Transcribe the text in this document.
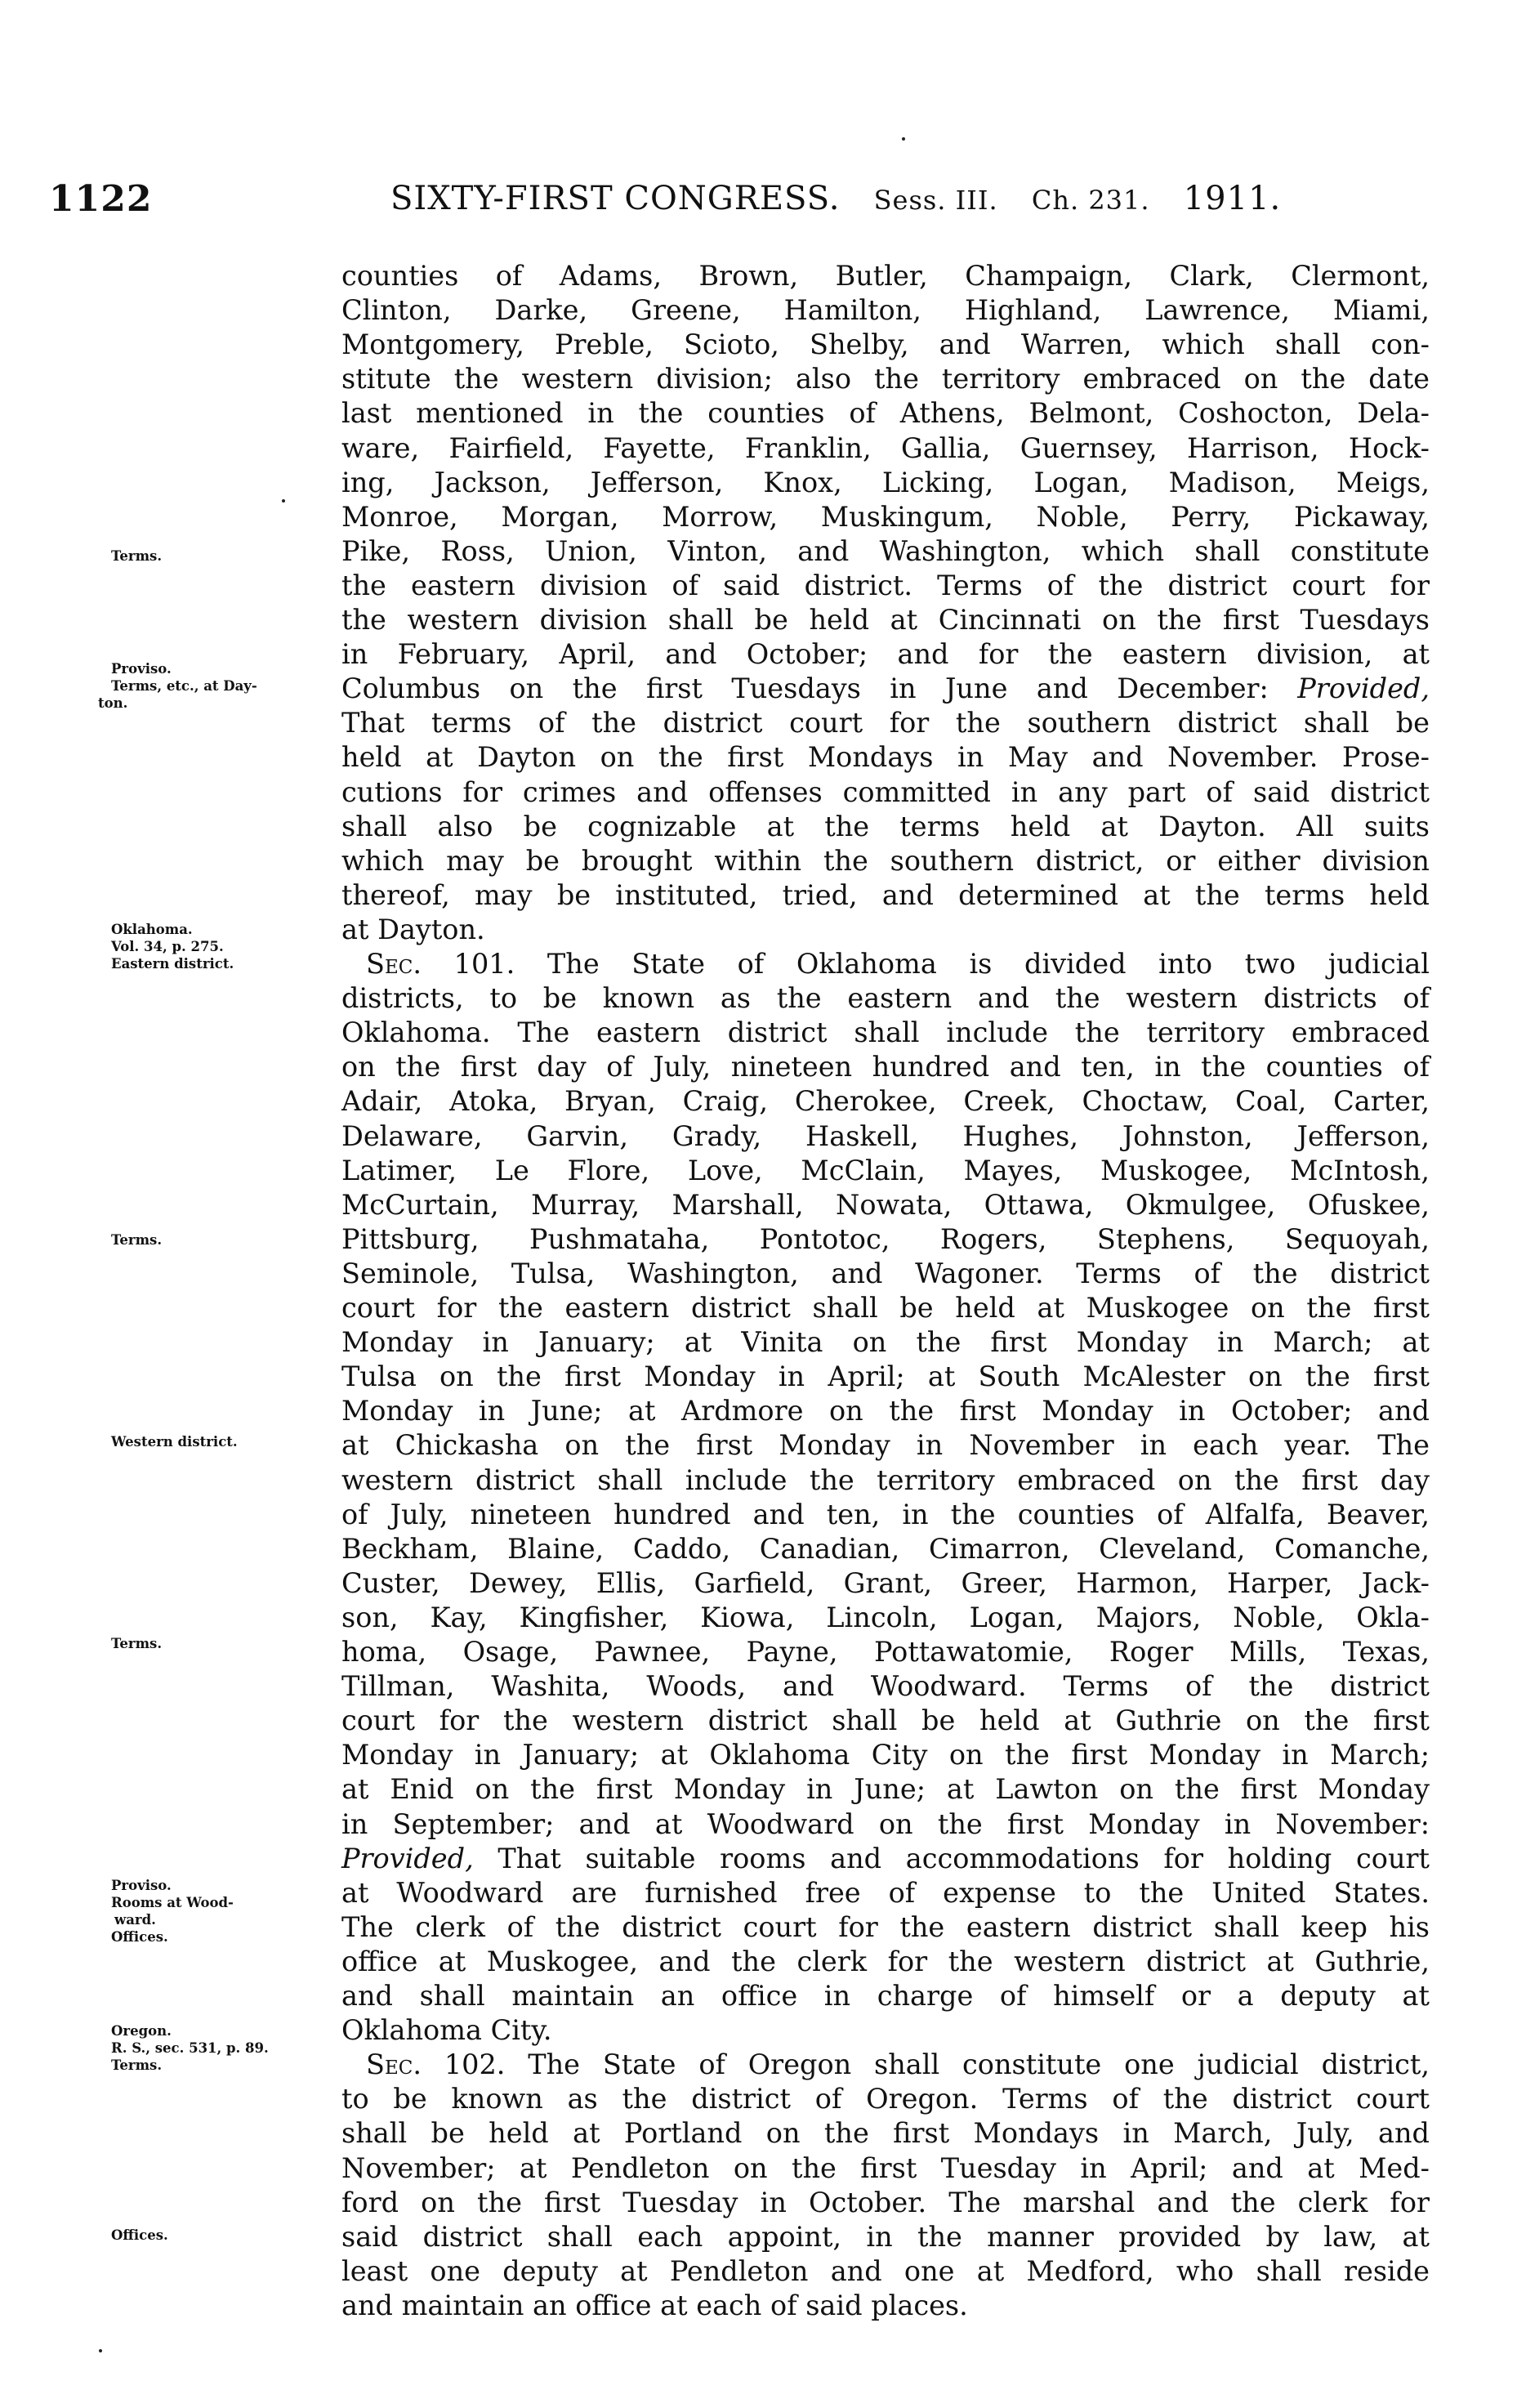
1122	SIXTY-FIRST CONGRESS. Sess. III. Ch. 231. 1911.
counties of Adams, Brown, Butler, Champaign, Clark, Clermont,
Clinton, Darke, Greene, Hamilton, Highland, Lawrence, Miami,
Montgomery, Preble, Scioto, Shelby, and Warren, which shall con-
stitute the western division; also the territory embraced on the date
last mentioned in the counties of Athens, Belmont, Coshocton, Dela-
ware, Fairfield, Fayette, Franklin, Gallia, Guernsey, Harrison, Hock-
ing, Jackson, Jefferson, Knox, Licking, Logan, Madison, Meigs,
Monroe, Morgan, Morrow, Muskingum, Noble, Perry, Pickaway,
Pike, Ross, Union, Vinton, and Washington, which shall constitute
the eastern division of said district. Terms of the district court for
the western division shall be held at Cincinnati on the first Tuesdays
in February, April, and October; and for the eastern division, at
Columbus on the first Tuesdays in June and December: Provided,
That terms of the district court for the southern district shall be
held at Dayton on the first Mondays in May and November. Prose-
cutions for crimes and offenses committed in any part of said district
shall also be cognizable at the terms held at Dayton. All suits
which may be brought within the southern district, or either division
thereof, may be instituted, tried, and determined at the terms held
at Dayton.
Sec. 101. The State of Oklahoma is divided into two judicial
districts, to be known as the eastern and the western districts of
Oklahoma. The eastern district shall include the territory embraced
on the first day of July, nineteen hundred and ten, in the counties of
Adair, Atoka, Bryan, Craig, Cherokee, Creek, Choctaw, Coal, Carter,
Delaware, Garvin, Grady, Haskell, Hughes, Johnston, Jefferson,
Latimer, Le Flore, Love, McClain, Mayes, Muskogee, McIntosh,
McCurtain, Murray, Marshall, Nowata, Ottawa, Okmulgee, Ofuskee,
Pittsburg, Pushmataha, Pontotoc, Rogers, Stephens, Sequoyah,
Seminole, Tulsa, Washington, and Wagoner. Terms of the district
court for the eastern district shall be held at Muskogee on the first
Monday in January; at Vinita on the first Monday in March; at
Tulsa on the first Monday in April; at South McAlester on the first
Monday in June; at Ardmore on the first Monday in October; and
at Chickasha on the first Monday in November in each year. The
western district shall include the territory embraced on the first day
of July, nineteen hundred and ten, in the counties of Alfalfa, Beaver,
Beckham, Blaine, Caddo, Canadian, Cimarron, Cleveland, Comanche,
Custer, Dewey, Ellis, Garfield, Grant, Greer, Harmon, Harper, Jack-
son, Kay, Kingfisher, Kiowa, Lincoln, Logan, Majors, Noble, Okla-
homa, Osage, Pawnee, Payne, Pottawatomie, Roger Mills, Texas,
Tillman, Washita, Woods, and Woodward. Terms of the district
court for the western district shall be held at Guthrie on the first
Monday in January; at Oklahoma City on the first Monday in March;
at Enid on the first Monday in June; at Lawton on the first Monday
in September; and at Woodward on the first Monday in November:
Provided, That suitable rooms and accommodations for holding court
at Woodward are furnished free of expense to the United States.
The clerk of the district court for the eastern district shall keep his
office at Muskogee, and the clerk for the western district at Guthrie,
and shall maintain an office in charge of himself or a deputy at
Oklahoma City.
Sec. 102. The State of Oregon shall constitute one judicial district,
to be known as the district of Oregon. Terms of the district court
shall be held at Portland on the first Mondays in March, July, and
November; at Pendleton on the first Tuesday in April; and at Med-
ford on the first Tuesday in October. The marshal and the clerk for
said district shall each appoint, in the manner provided by law, at
least one deputy at Pendleton and one at Medford, who shall reside
and maintain an office at each of said places.
Terms.
Proviso.
Terms, etc., at Day-
ton.
Oklahoma.
Vol. 34, p. 275.
Eastern district.
Terms.
Western district.
Terms.
Proviso.
Rooms at Wood-
ward.
Offices.
Oregon.
R. S., sec. 531, p. 89.
Terms.
Offices.
